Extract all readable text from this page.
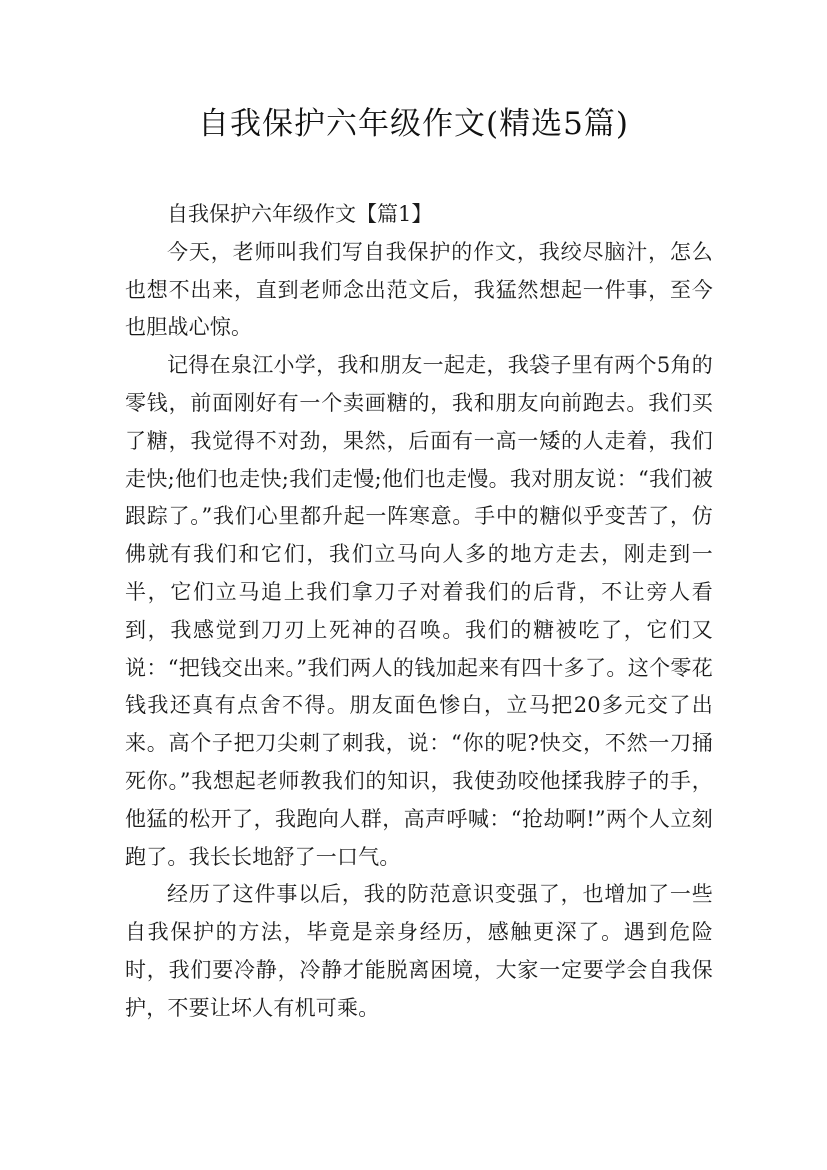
自我保护六年级作文(精选5篇)

自我保护六年级作文【篇1】

今天，老师叫我们写自我保护的作文，我绞尽脑汁，怎么也想不出来，直到老师念出范文后，我猛然想起一件事，至今也胆战心惊。

记得在泉江小学，我和朋友一起走，我袋子里有两个5角的零钱，前面刚好有一个卖画糖的，我和朋友向前跑去。我们买了糖，我觉得不对劲，果然，后面有一高一矮的人走着，我们走快;他们也走快;我们走慢;他们也走慢。我对朋友说：“我们被跟踪了。”我们心里都升起一阵寒意。手中的糖似乎变苦了，仿佛就有我们和它们，我们立马向人多的地方走去，刚走到一半，它们立马追上我们拿刀子对着我们的后背，不让旁人看到，我感觉到刀刃上死神的召唤。我们的糖被吃了，它们又说：“把钱交出来。”我们两人的钱加起来有四十多了。这个零花钱我还真有点舍不得。朋友面色惨白，立马把20多元交了出来。高个子把刀尖刺了刺我，说：“你的呢?快交，不然一刀捅死你。”我想起老师教我们的知识，我使劲咬他揉我脖子的手，他猛的松开了，我跑向人群，高声呼喊：“抢劫啊!”两个人立刻跑了。我长长地舒了一口气。

经历了这件事以后，我的防范意识变强了，也增加了一些自我保护的方法，毕竟是亲身经历，感触更深了。遇到危险时，我们要冷静，冷静才能脱离困境，大家一定要学会自我保护，不要让坏人有机可乘。
